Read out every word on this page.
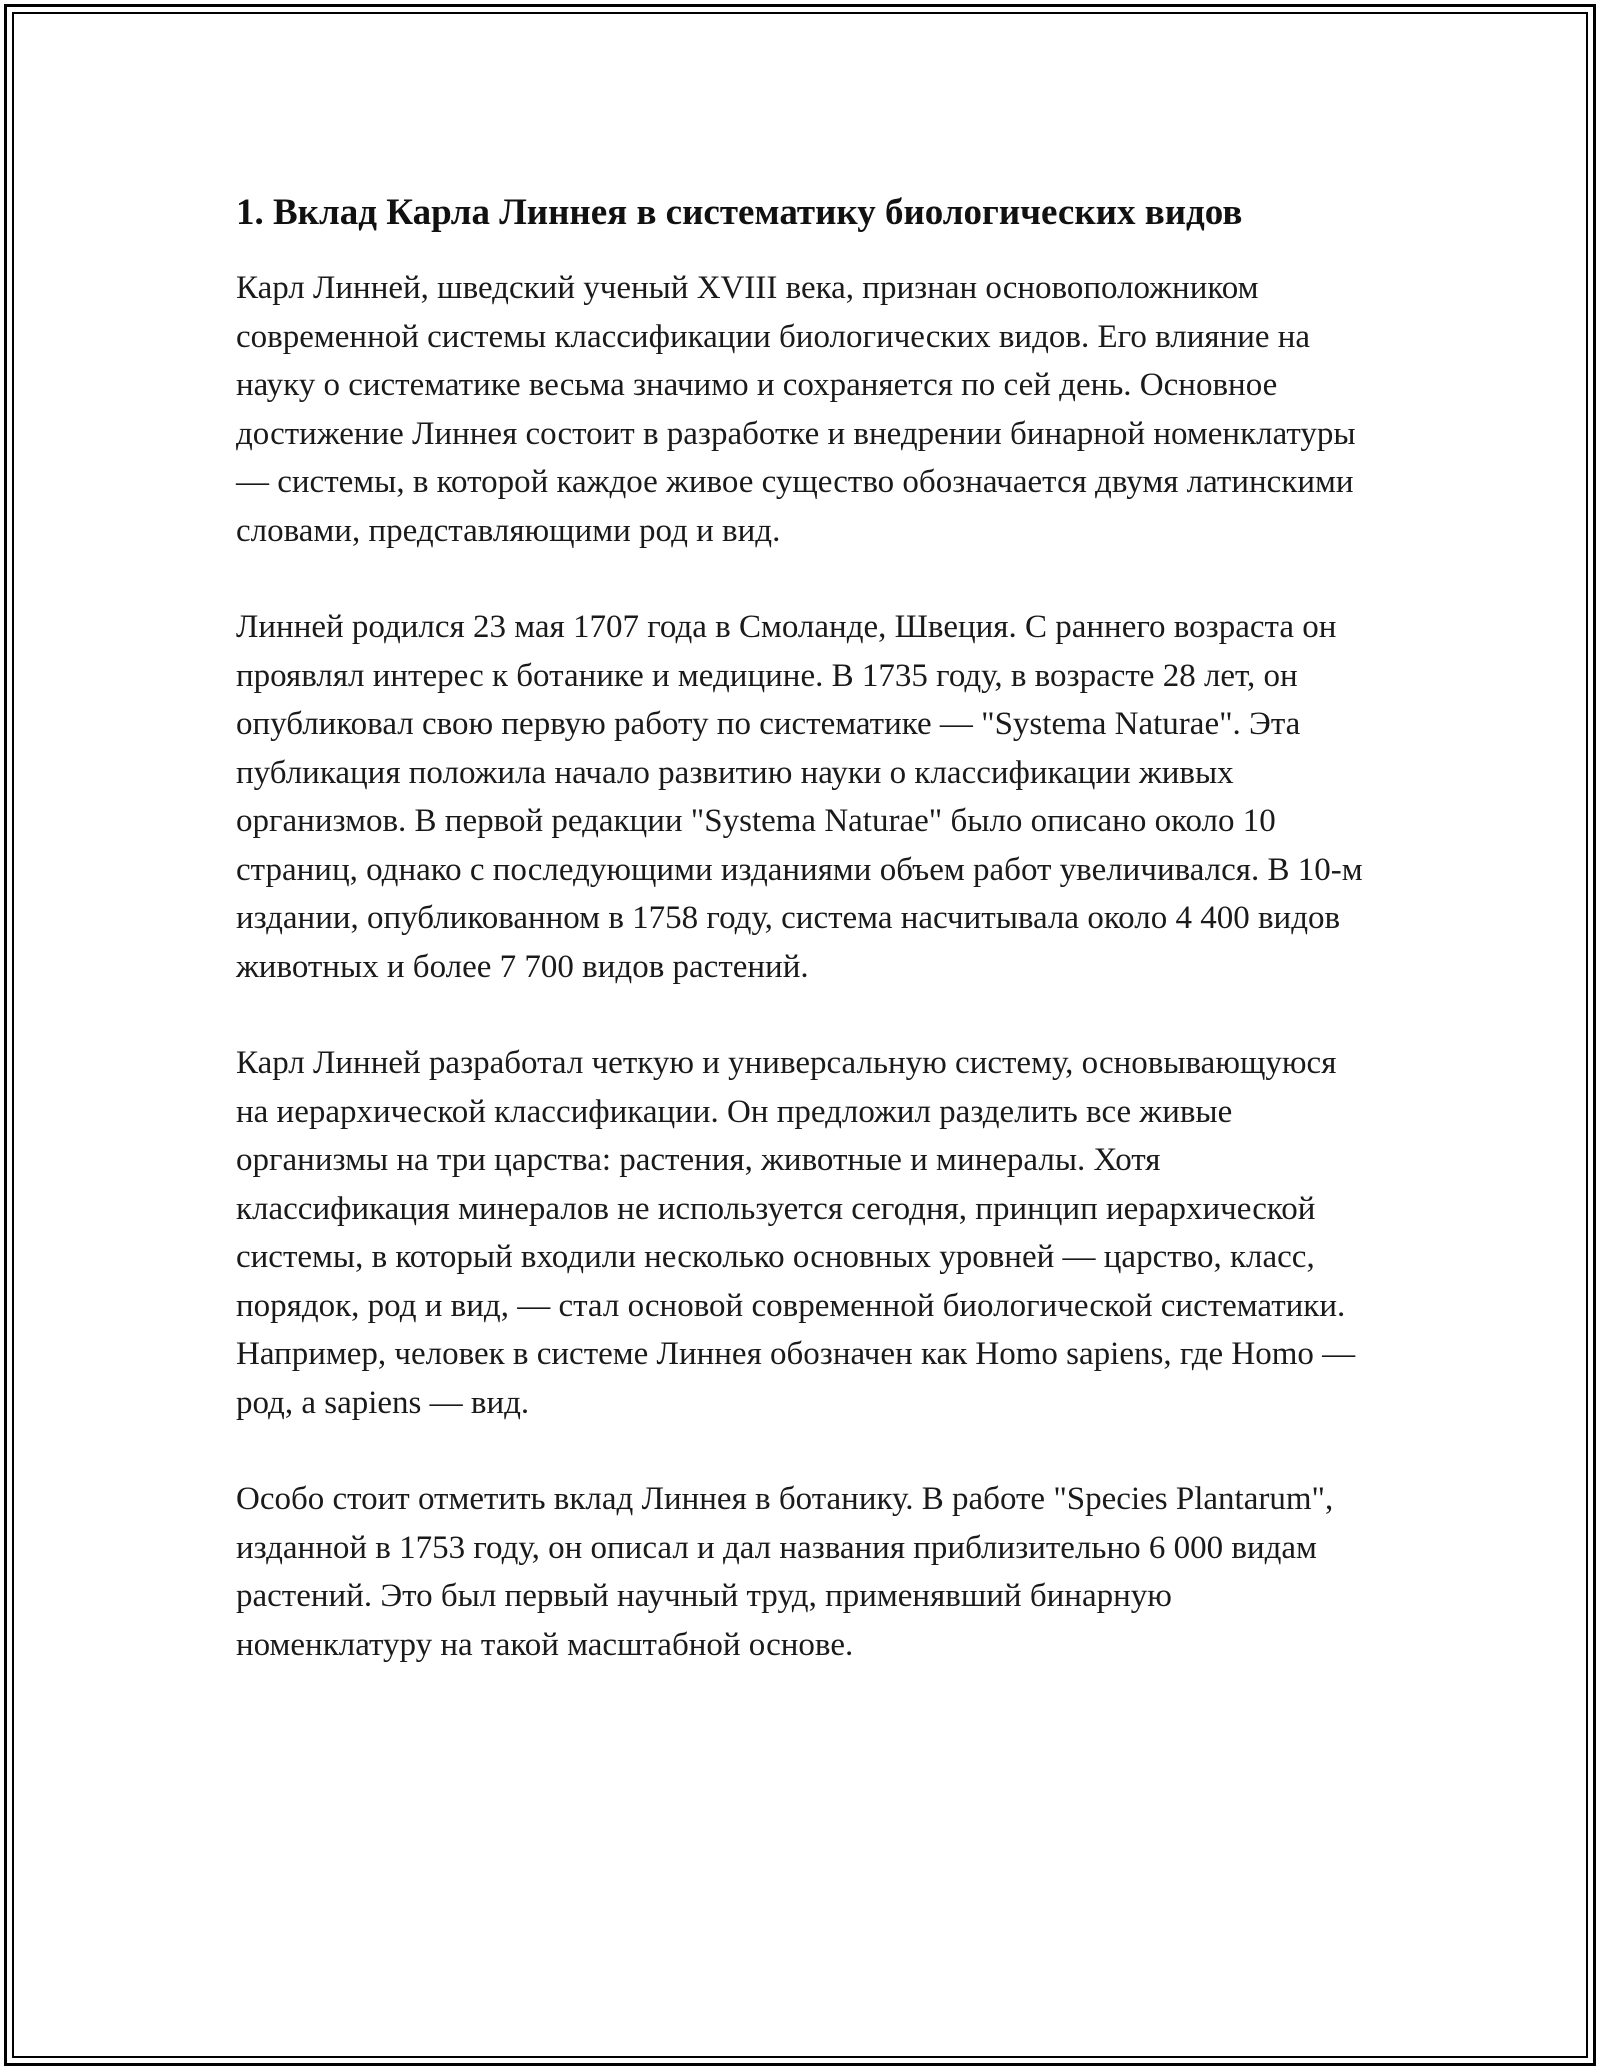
1. Вклад Карла Линнея в систематику биологических видов

Карл Линней, шведский ученый XVIII века, признан основоположником современной системы классификации биологических видов. Его влияние на науку о систематике весьма значимо и сохраняется по сей день. Основное достижение Линнея состоит в разработке и внедрении бинарной номенклатуры — системы, в которой каждое живое существо обозначается двумя латинскими словами, представляющими род и вид.

Линней родился 23 мая 1707 года в Смоланде, Швеция. С раннего возраста он проявлял интерес к ботанике и медицине. В 1735 году, в возрасте 28 лет, он опубликовал свою первую работу по систематике — "Systema Naturae". Эта публикация положила начало развитию науки о классификации живых организмов. В первой редакции "Systema Naturae" было описано около 10 страниц, однако с последующими изданиями объем работ увеличивался. В 10-м издании, опубликованном в 1758 году, система насчитывала около 4 400 видов животных и более 7 700 видов растений.

Карл Линней разработал четкую и универсальную систему, основывающуюся на иерархической классификации. Он предложил разделить все живые организмы на три царства: растения, животные и минералы. Хотя классификация минералов не используется сегодня, принцип иерархической системы, в который входили несколько основных уровней — царство, класс, порядок, род и вид, — стал основой современной биологической систематики. Например, человек в системе Линнея обозначен как Homo sapiens, где Homo — род, а sapiens — вид.

Особо стоит отметить вклад Линнея в ботанику. В работе "Species Plantarum", изданной в 1753 году, он описал и дал названия приблизительно 6 000 видам растений. Это был первый научный труд, применявший бинарную номенклатуру на такой масштабной основе.
